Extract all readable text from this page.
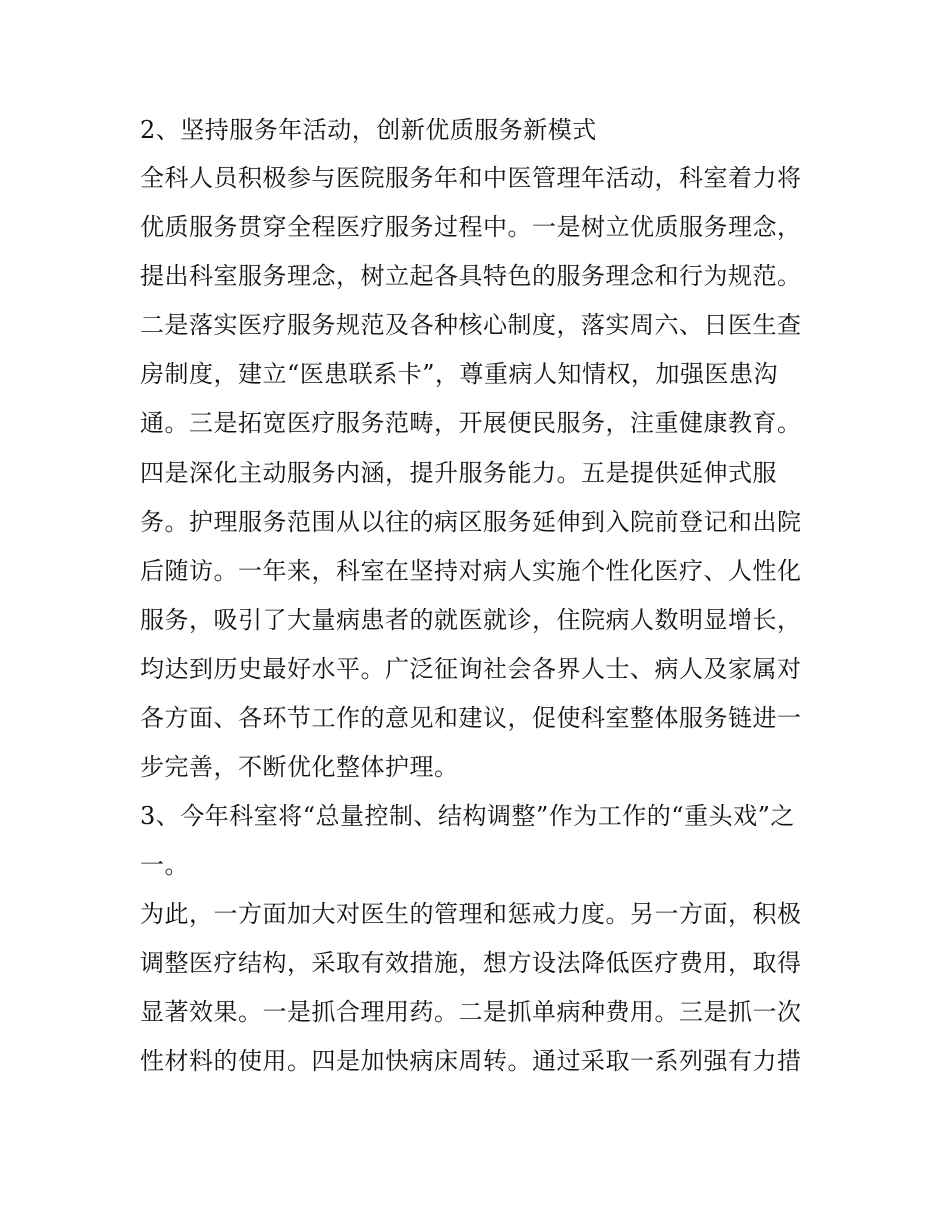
2、坚持服务年活动，创新优质服务新模式

全科人员积极参与医院服务年和中医管理年活动，科室着力将

优质服务贯穿全程医疗服务过程中。一是树立优质服务理念，

提出科室服务理念，树立起各具特色的服务理念和行为规范。

二是落实医疗服务规范及各种核心制度，落实周六、日医生查

房制度，建立“医患联系卡”，尊重病人知情权，加强医患沟

通。三是拓宽医疗服务范畴，开展便民服务，注重健康教育。

四是深化主动服务内涵，提升服务能力。五是提供延伸式服

务。护理服务范围从以往的病区服务延伸到入院前登记和出院

后随访。一年来，科室在坚持对病人实施个性化医疗、人性化

服务，吸引了大量病患者的就医就诊，住院病人数明显增长，

均达到历史最好水平。广泛征询社会各界人士、病人及家属对

各方面、各环节工作的意见和建议，促使科室整体服务链进一

步完善，不断优化整体护理。

3、今年科室将“总量控制、结构调整”作为工作的“重头戏”之

一。

为此，一方面加大对医生的管理和惩戒力度。另一方面，积极

调整医疗结构，采取有效措施，想方设法降低医疗费用，取得

显著效果。一是抓合理用药。二是抓单病种费用。三是抓一次

性材料的使用。四是加快病床周转。通过采取一系列强有力措
